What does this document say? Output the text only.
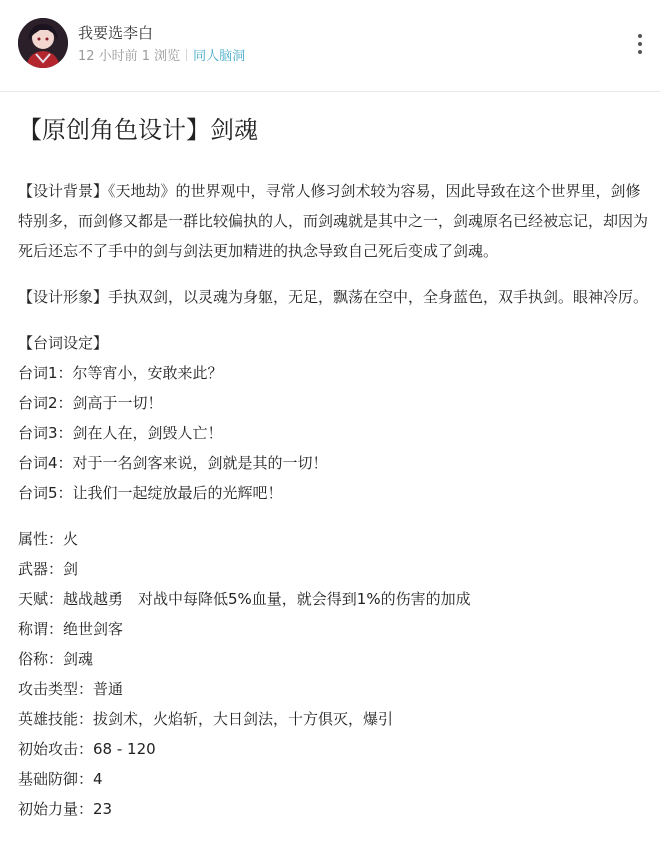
我要选李白
12 小时前 1 浏览 同人脑洞
【原创角色设计】剑魂

【设计背景】《天地劫》的世界观中，寻常人修习剑术较为容易，因此导致在这个世界里，剑修特别多，而剑修又都是一群比较偏执的人，而剑魂就是其中之一，剑魂原名已经被忘记，却因为死后还忘不了手中的剑与剑法更加精进的执念导致自己死后变成了剑魂。

【设计形象】手执双剑，以灵魂为身躯，无足，飘荡在空中，全身蓝色，双手执剑。眼神冷厉。

【台词设定】

台词1：尔等宵小，安敢来此？

台词2：剑高于一切！

台词3：剑在人在，剑毁人亡！

台词4：对于一名剑客来说，剑就是其的一切！

台词5：让我们一起绽放最后的光辉吧！

属性：火

武器：剑

天赋：越战越勇　对战中每降低5%血量，就会得到1%的伤害的加成

称谓：绝世剑客

俗称：剑魂

攻击类型：普通

英雄技能：拔剑术，火焰斩，大日剑法，十方俱灭，爆引

初始攻击：68 - 120

基础防御：4

初始力量：23
